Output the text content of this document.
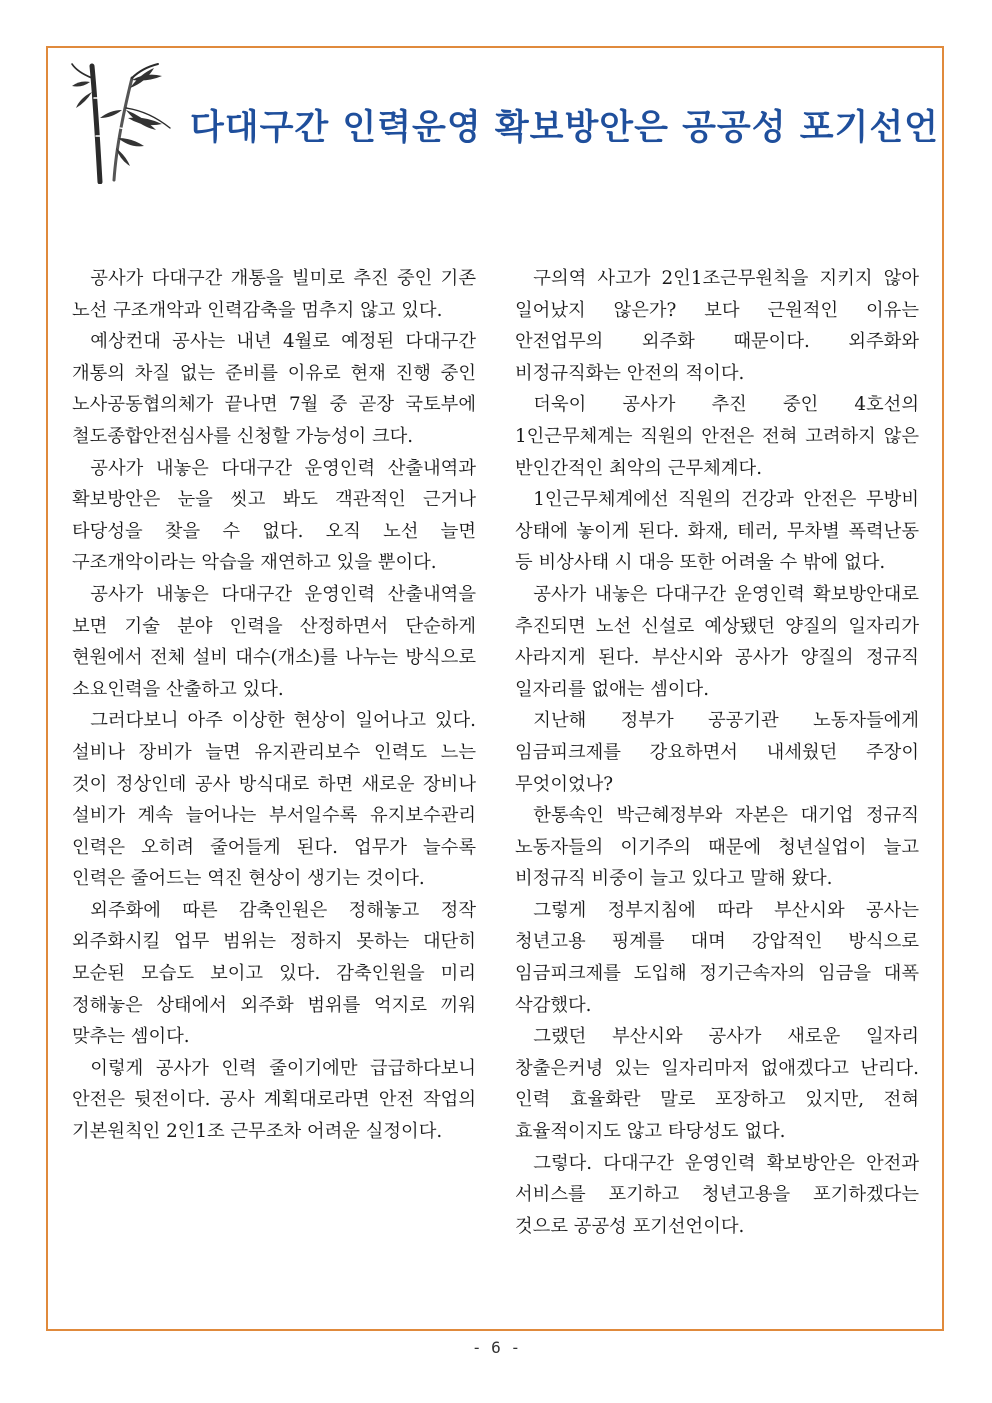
다대구간 인력운영 확보방안은 공공성 포기선언

공사가 다대구간 개통을 빌미로 추진 중인 기존 노선 구조개악과 인력감축을 멈추지 않고 있다.

예상컨대 공사는 내년 4월로 예정된 다대구간 개통의 차질 없는 준비를 이유로 현재 진행 중인 노사공동협의체가 끝나면 7월 중 곧장 국토부에 철도종합안전심사를 신청할 가능성이 크다.

공사가 내놓은 다대구간 운영인력 산출내역과 확보방안은 눈을 씻고 봐도 객관적인 근거나 타당성을 찾을 수 없다. 오직 노선 늘면 구조개악이라는 악습을 재연하고 있을 뿐이다.

공사가 내놓은 다대구간 운영인력 산출내역을 보면 기술 분야 인력을 산정하면서 단순하게 현원에서 전체 설비 대수(개소)를 나누는 방식으로 소요인력을 산출하고 있다.

그러다보니 아주 이상한 현상이 일어나고 있다. 설비나 장비가 늘면 유지관리보수 인력도 느는 것이 정상인데 공사 방식대로 하면 새로운 장비나 설비가 계속 늘어나는 부서일수록 유지보수관리 인력은 오히려 줄어들게 된다. 업무가 늘수록 인력은 줄어드는 역진 현상이 생기는 것이다.

외주화에 따른 감축인원은 정해놓고 정작 외주화시킬 업무 범위는 정하지 못하는 대단히 모순된 모습도 보이고 있다. 감축인원을 미리 정해놓은 상태에서 외주화 범위를 억지로 끼워 맞추는 셈이다.

이렇게 공사가 인력 줄이기에만 급급하다보니 안전은 뒷전이다. 공사 계획대로라면 안전 작업의 기본원칙인 2인1조 근무조차 어려운 실정이다.

구의역 사고가 2인1조근무원칙을 지키지 않아 일어났지 않은가? 보다 근원적인 이유는 안전업무의 외주화 때문이다. 외주화와 비정규직화는 안전의 적이다.

더욱이 공사가 추진 중인 4호선의 1인근무체계는 직원의 안전은 전혀 고려하지 않은 반인간적인 최악의 근무체계다.

1인근무체계에선 직원의 건강과 안전은 무방비 상태에 놓이게 된다. 화재, 테러, 무차별 폭력난동 등 비상사태 시 대응 또한 어려울 수 밖에 없다.

공사가 내놓은 다대구간 운영인력 확보방안대로 추진되면 노선 신설로 예상됐던 양질의 일자리가 사라지게 된다. 부산시와 공사가 양질의 정규직 일자리를 없애는 셈이다.

지난해 정부가 공공기관 노동자들에게 임금피크제를 강요하면서 내세웠던 주장이 무엇이었나?

한통속인 박근혜정부와 자본은 대기업 정규직 노동자들의 이기주의 때문에 청년실업이 늘고 비정규직 비중이 늘고 있다고 말해 왔다.

그렇게 정부지침에 따라 부산시와 공사는 청년고용 핑계를 대며 강압적인 방식으로 임금피크제를 도입해 정기근속자의 임금을 대폭 삭감했다.

그랬던 부산시와 공사가 새로운 일자리 창출은커녕 있는 일자리마저 없애겠다고 난리다. 인력 효율화란 말로 포장하고 있지만, 전혀 효율적이지도 않고 타당성도 없다.

그렇다. 다대구간 운영인력 확보방안은 안전과 서비스를 포기하고 청년고용을 포기하겠다는 것으로 공공성 포기선언이다.

- 6 -
